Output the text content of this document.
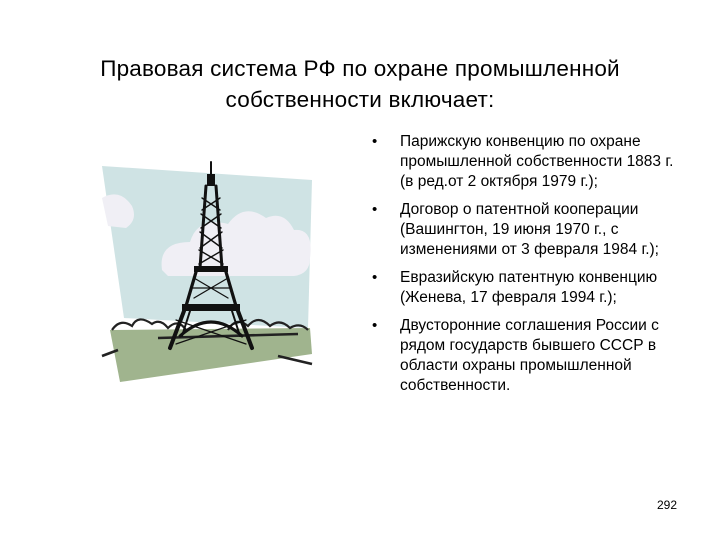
Правовая система РФ по охране промышленной
собственности включает:
•	Парижскую конвенцию по охране промышленной собственности 1883 г. (в ред.от 2 октября 1979 г.);
•	Договор о патентной кооперации (Вашингтон, 19 июня 1970 г., с изменениями от 3 февраля 1984 г.);
•	Евразийскую патентную конвенцию (Женева, 17 февраля 1994 г.);
•	Двусторонние соглашения России с рядом государств бывшего СССР в области охраны промышленной собственности.
292
